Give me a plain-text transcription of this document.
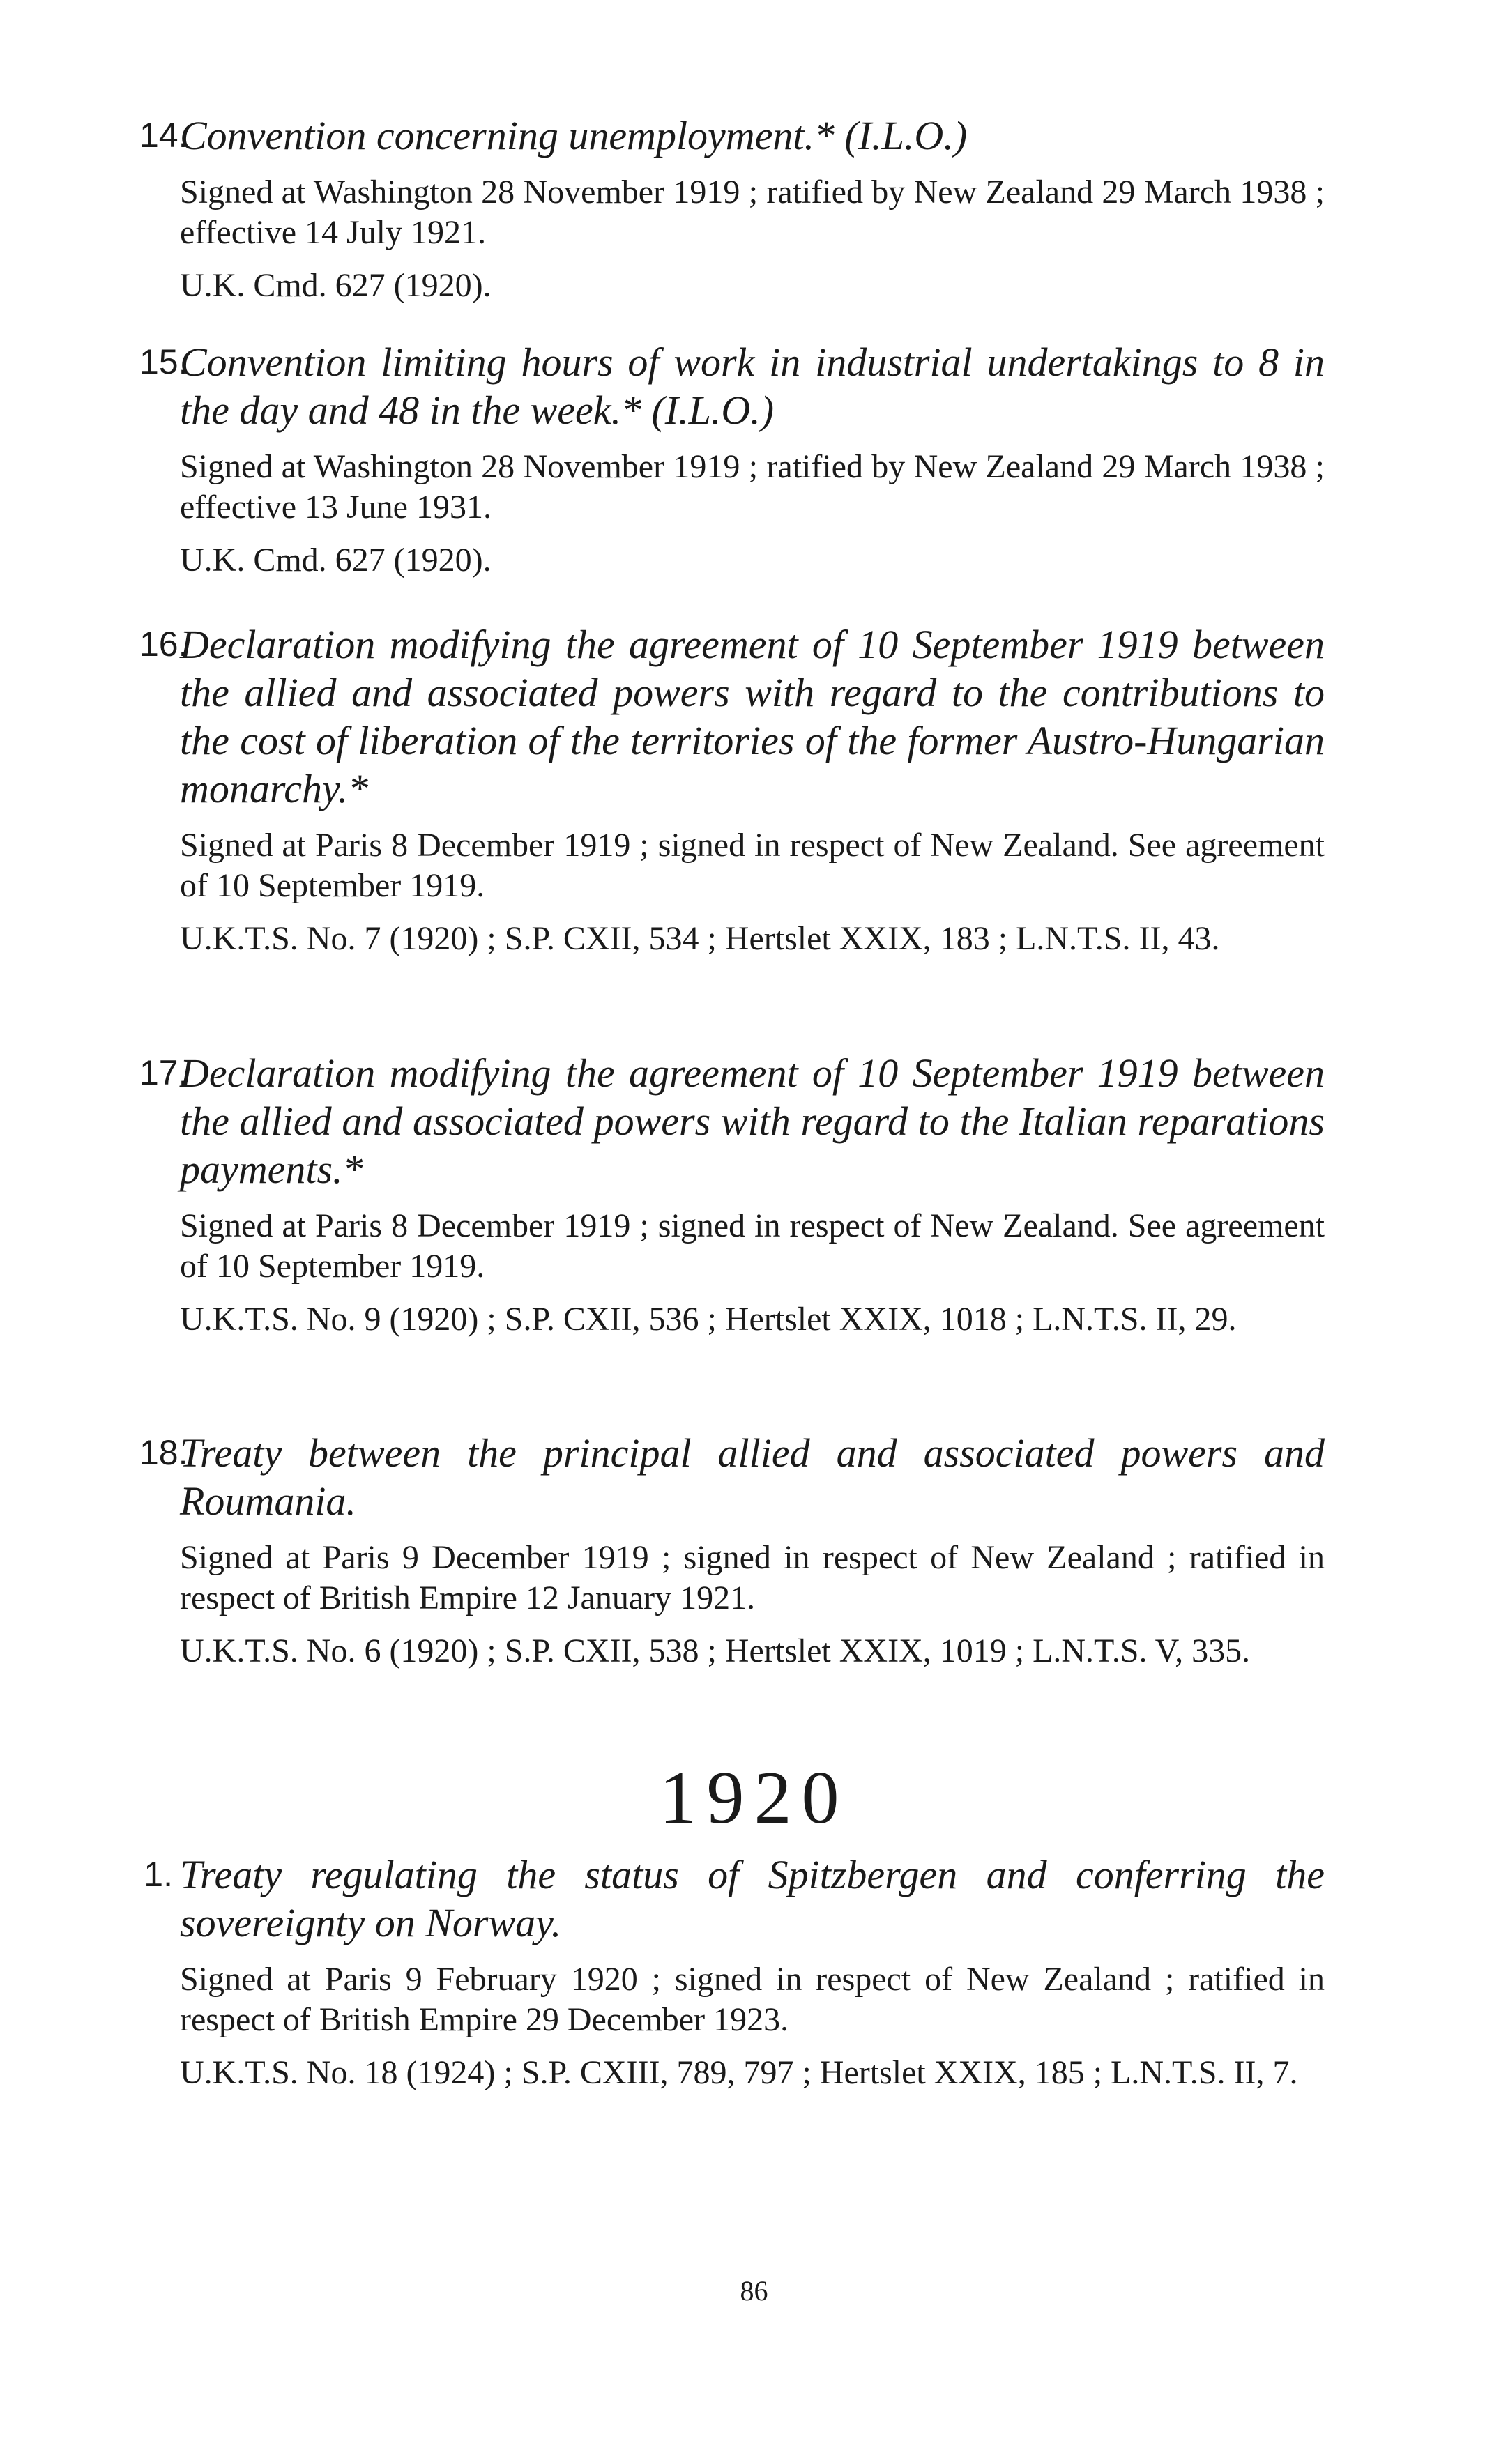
14.
Convention concerning unemployment.* (I.L.O.)
Signed at Washington 28 November 1919 ; ratified by New Zealand 29 March 1938 ; effective 14 July 1921.
U.K. Cmd. 627 (1920).
15.
Convention limiting hours of work in industrial undertakings to 8 in the day and 48 in the week.* (I.L.O.)
Signed at Washington 28 November 1919 ; ratified by New Zealand 29 March 1938 ; effective 13 June 1931.
U.K. Cmd. 627 (1920).
16.
Declaration modifying the agreement of 10 September 1919 between the allied and associated powers with regard to the contributions to the cost of liberation of the territories of the former Austro-Hungarian monarchy.*
Signed at Paris 8 December 1919 ; signed in respect of New Zealand. See agreement of 10 September 1919.
U.K.T.S. No. 7 (1920) ; S.P. CXII, 534 ; Hertslet XXIX, 183 ; L.N.T.S. II, 43.
17.
Declaration modifying the agreement of 10 September 1919 between the allied and associated powers with regard to the Italian reparations payments.*
Signed at Paris 8 December 1919 ; signed in respect of New Zealand. See agreement of 10 September 1919.
U.K.T.S. No. 9 (1920) ; S.P. CXII, 536 ; Hertslet XXIX, 1018 ; L.N.T.S. II, 29.
18.
Treaty between the principal allied and associated powers and Roumania.
Signed at Paris 9 December 1919 ; signed in respect of New Zealand ; ratified in respect of British Empire 12 January 1921.
U.K.T.S. No. 6 (1920) ; S.P. CXII, 538 ; Hertslet XXIX, 1019 ; L.N.T.S. V, 335.
1920
1. Treaty regulating the status of Spitzbergen and conferring the sovereignty on Norway.
Signed at Paris 9 February 1920 ; signed in respect of New Zealand ; ratified in respect of British Empire 29 December 1923.
U.K.T.S. No. 18 (1924) ; S.P. CXIII, 789, 797 ; Hertslet XXIX, 185 ; L.N.T.S. II, 7.
86
